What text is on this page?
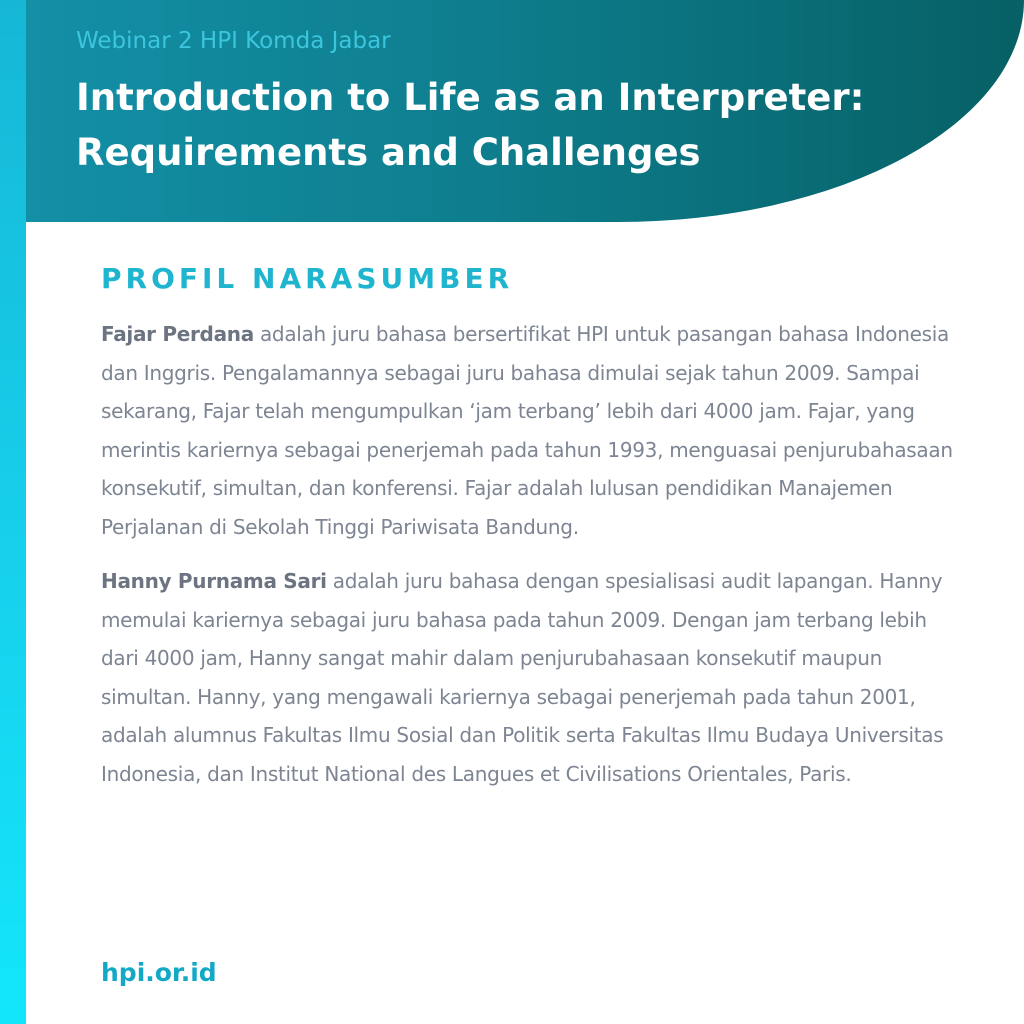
Webinar 2 HPI Komda Jabar

Introduction to Life as an Interpreter:
Requirements and Challenges
PROFIL NARASUMBER

Fajar Perdana adalah juru bahasa bersertifikat HPI untuk pasangan bahasa Indonesia dan Inggris. Pengalamannya sebagai juru bahasa dimulai sejak tahun 2009. Sampai sekarang, Fajar telah mengumpulkan ‘jam terbang’ lebih dari 4000 jam. Fajar, yang merintis kariernya sebagai penerjemah pada tahun 1993, menguasai penjurubahasaan konsekutif, simultan, dan konferensi. Fajar adalah lulusan pendidikan Manajemen Perjalanan di Sekolah Tinggi Pariwisata Bandung.

Hanny Purnama Sari adalah juru bahasa dengan spesialisasi audit lapangan. Hanny memulai kariernya sebagai juru bahasa pada tahun 2009. Dengan jam terbang lebih dari 4000 jam, Hanny sangat mahir dalam penjurubahasaan konsekutif maupun simultan. Hanny, yang mengawali kariernya sebagai penerjemah pada tahun 2001, adalah alumnus Fakultas Ilmu Sosial dan Politik serta Fakultas Ilmu Budaya Universitas Indonesia, dan Institut National des Langues et Civilisations Orientales, Paris.

hpi.or.id
